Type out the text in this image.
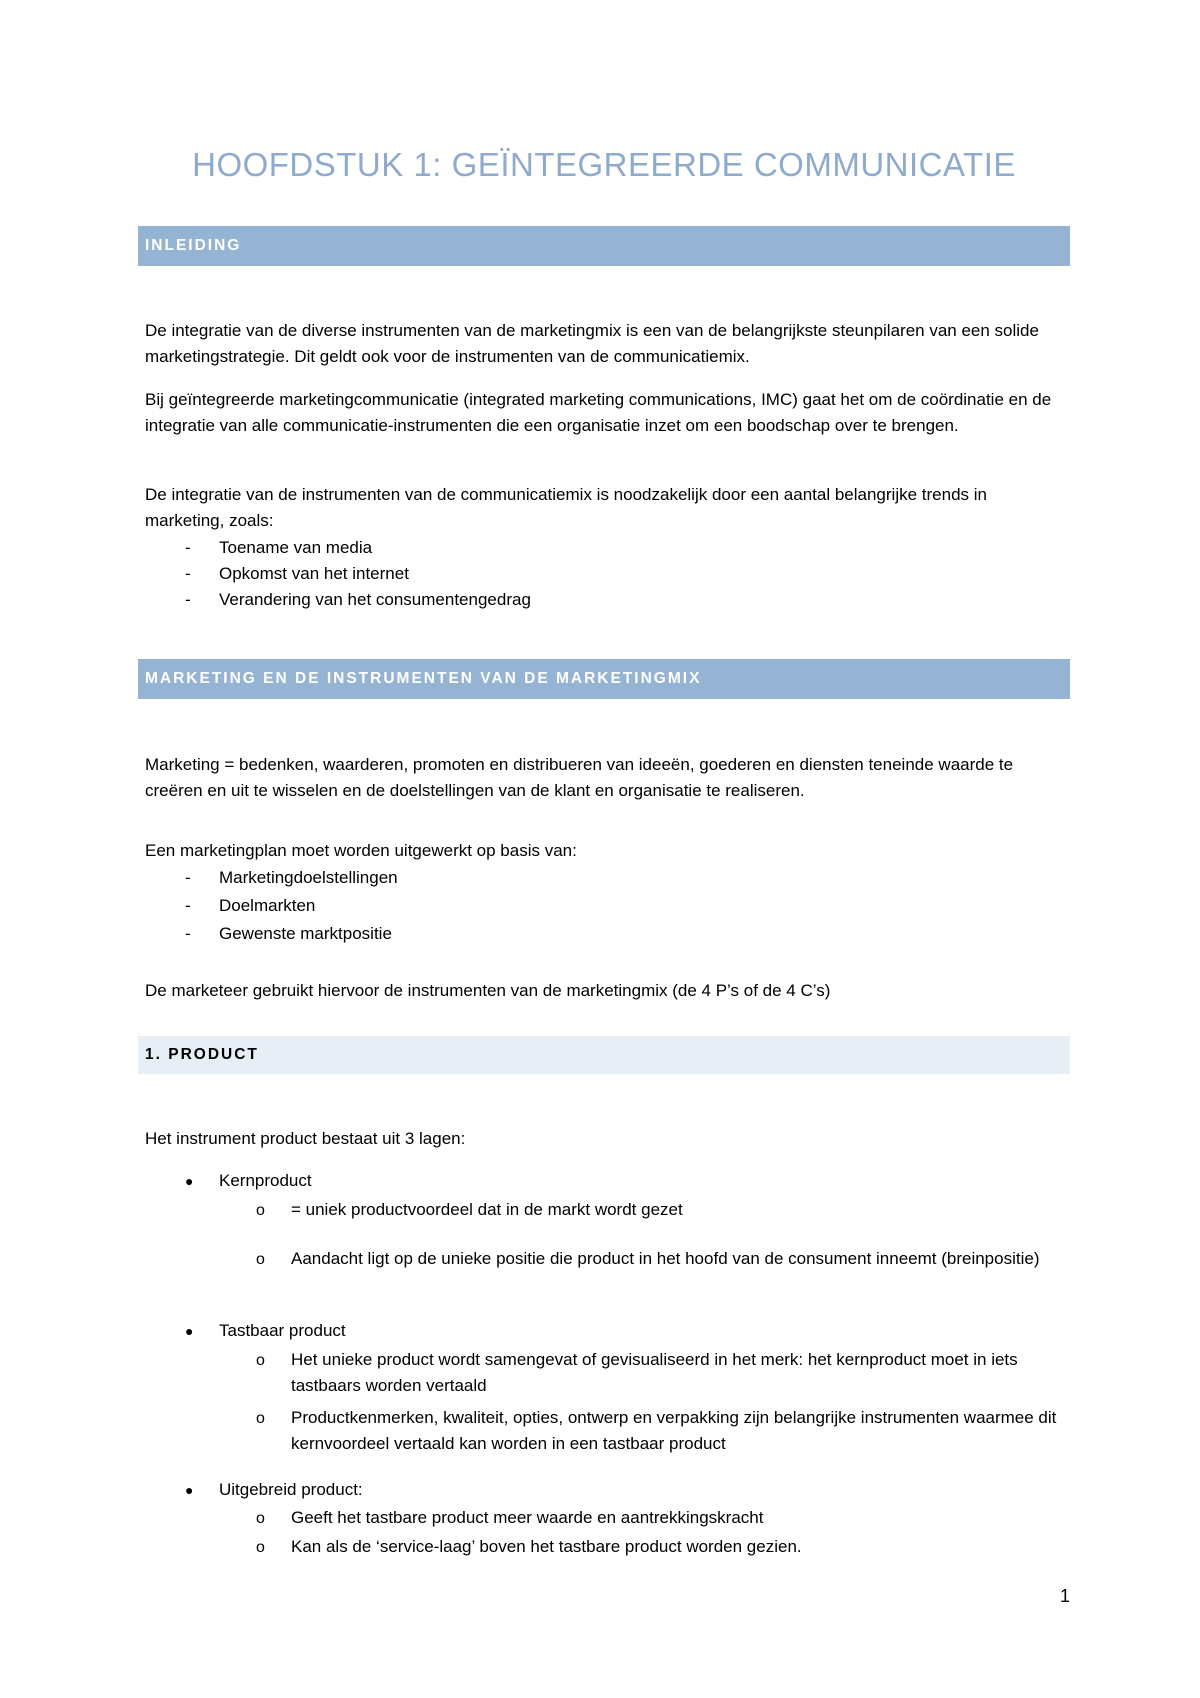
HOOFDSTUK 1: GEÏNTEGREERDE COMMUNICATIE
INLEIDING

De integratie van de diverse instrumenten van de marketingmix is een van de belangrijkste steunpilaren van een solide marketingstrategie. Dit geldt ook voor de instrumenten van de communicatiemix.

Bij geïntegreerde marketingcommunicatie (integrated marketing communications, IMC) gaat het om de coördinatie en de integratie van alle communicatie-instrumenten die een organisatie inzet om een boodschap over te brengen.

De integratie van de instrumenten van de communicatiemix is noodzakelijk door een aantal belangrijke trends in marketing, zoals:

- Toename van media
- Opkomst van het internet
- Verandering van het consumentengedrag
MARKETING EN DE INSTRUMENTEN VAN DE MARKETINGMIX

Marketing = bedenken, waarderen, promoten en distribueren van ideeën, goederen en diensten teneinde waarde te creëren en uit te wisselen en de doelstellingen van de klant en organisatie te realiseren.

Een marketingplan moet worden uitgewerkt op basis van:

- Marketingdoelstellingen
- Doelmarkten
- Gewenste marktpositie

De marketeer gebruikt hiervoor de instrumenten van de marketingmix (de 4 P’s of de 4 C’s)

1. PRODUCT

Het instrument product bestaat uit 3 lagen:

● Kernproduct
o = uniek productvoordeel dat in de markt wordt gezet
o Aandacht ligt op de unieke positie die product in het hoofd van de consument inneemt (breinpositie)
● Tastbaar product
o Het unieke product wordt samengevat of gevisualiseerd in het merk: het kernproduct moet in iets tastbaars worden vertaald
o Productkenmerken, kwaliteit, opties, ontwerp en verpakking zijn belangrijke instrumenten waarmee dit kernvoordeel vertaald kan worden in een tastbaar product
● Uitgebreid product:
o Geeft het tastbare product meer waarde en aantrekkingskracht
o Kan als de ‘service-laag’ boven het tastbare product worden gezien.
1
